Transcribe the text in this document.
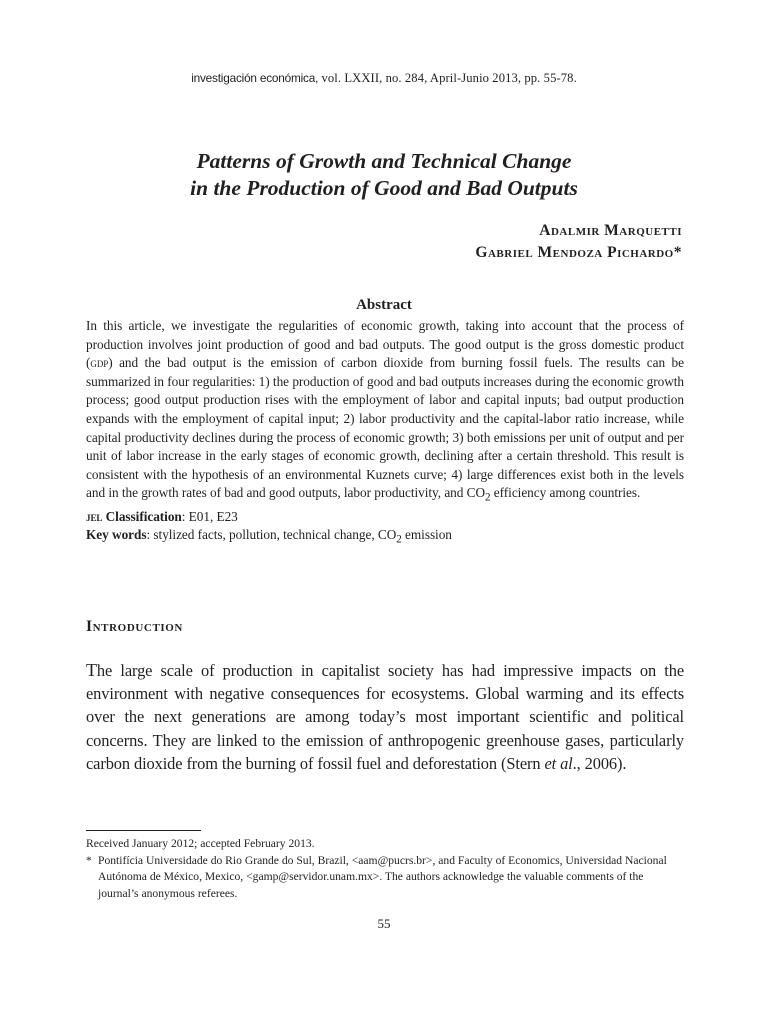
investigación económica, vol. LXXII, no. 284, April-Junio 2013, pp. 55-78.
Patterns of Growth and Technical Change
in the Production of Good and Bad Outputs
Adalmir Marquetti
Gabriel Mendoza Pichardo*
Abstract

In this article, we investigate the regularities of economic growth, taking into account that the process of production involves joint production of good and bad outputs. The good output is the gross domestic product (gdp) and the bad output is the emission of carbon dioxide from burning fossil fuels. The results can be summarized in four regularities: 1) the production of good and bad outputs increases during the economic growth process; good output production rises with the employment of labor and capital inputs; bad output production expands with the employment of capital input; 2) labor productivity and the capital-labor ratio increase, while capital productivity declines during the process of economic growth; 3) both emissions per unit of output and per unit of labor increase in the early stages of economic growth, declining after a certain threshold. This result is consistent with the hypothesis of an environmental Kuznets curve; 4) large differences exist both in the levels and in the growth rates of bad and good outputs, labor productivity, and $CO_2$ efficiency among countries.

jel Classification: E01, E23

Key words: stylized facts, pollution, technical change, $CO_2$ emission

Introduction

The large scale of production in capitalist society has had impressive impacts on the environment with negative consequences for ecosystems. Global warming and its effects over the next generations are among today’s most important scientific and political concerns. They are linked to the emission of anthropogenic greenhouse gases, particularly carbon dioxide from the burning of fossil fuel and deforestation (Stern et al., 2006).

Received January 2012; accepted February 2013.

* Pontifícia Universidade do Rio Grande do Sul, Brazil, <aam@pucrs.br>, and Faculty of Economics, Universidad Nacional Autónoma de México, Mexico, <gamp@servidor.unam.mx>. The authors acknowledge the valuable comments of the journal’s anonymous referees.
55
